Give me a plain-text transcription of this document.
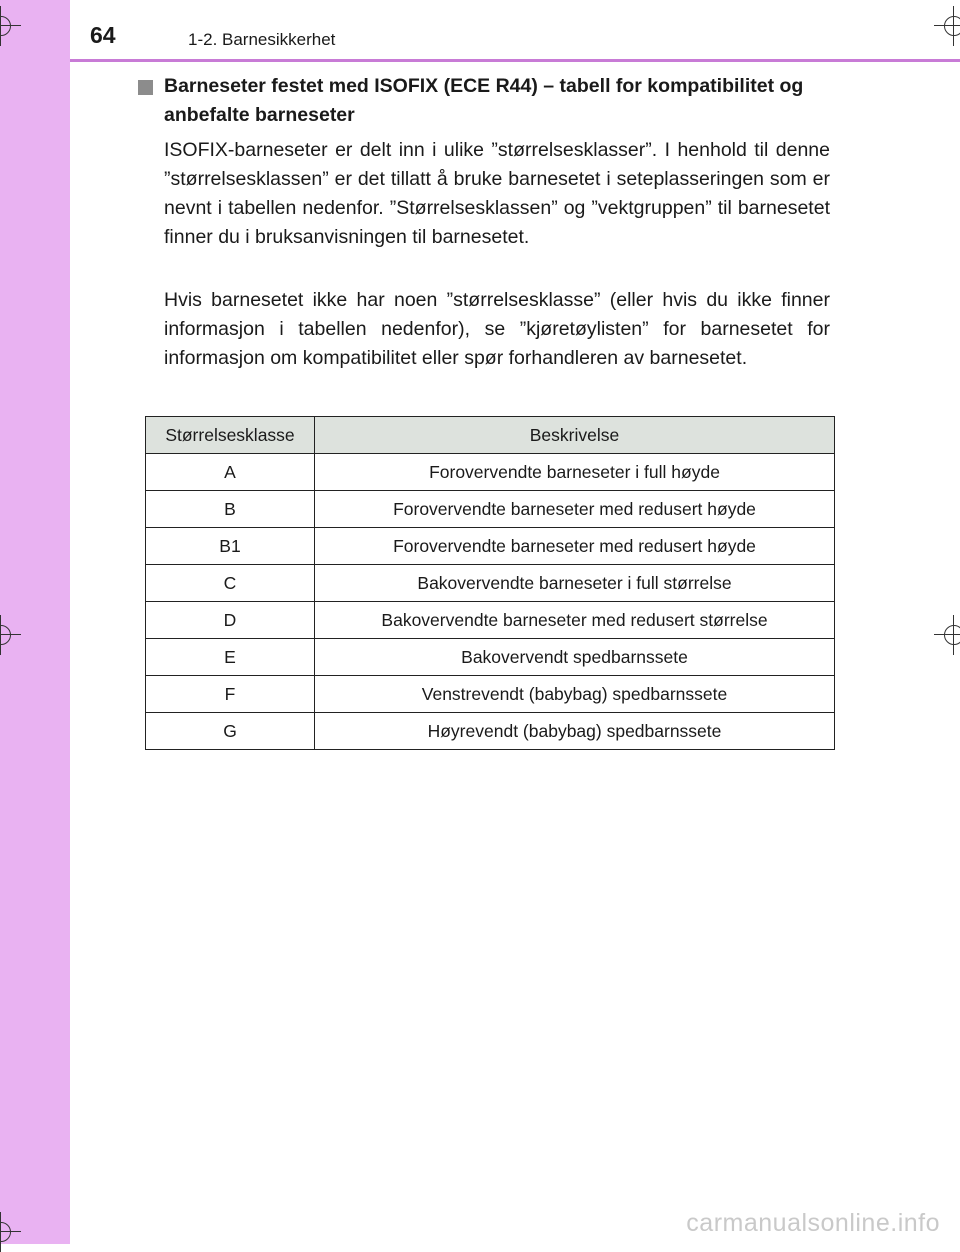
64	1-2. Barnesikkerhet
Barneseter festet med ISOFIX (ECE R44) – tabell for kompatibilitet og anbefalte barneseter
ISOFIX-barneseter er delt inn i ulike ”størrelsesklasser”. I henhold til denne ”størrelsesklassen” er det tillatt å bruke barnesetet i seteplasseringen som er nevnt i tabellen nedenfor. ”Størrelsesklassen” og ”vektgruppen” til barnesetet finner du i bruksanvisningen til barnesetet.
Hvis barnesetet ikke har noen ”størrelsesklasse” (eller hvis du ikke finner informasjon i tabellen nedenfor), se ”kjøretøylisten” for barnesetet for informasjon om kompatibilitet eller spør forhandleren av barnesetet.
Størrelsesklasse	Beskrivelse
A	Forovervendte barneseter i full høyde
B	Forovervendte barneseter med redusert høyde
B1	Forovervendte barneseter med redusert høyde
C	Bakovervendte barneseter i full størrelse
D	Bakovervendte barneseter med redusert størrelse
E	Bakovervendt spedbarnssete
F	Venstrevendt (babybag) spedbarnssete
G	Høyrevendt (babybag) spedbarnssete
carmanualsonline.info
